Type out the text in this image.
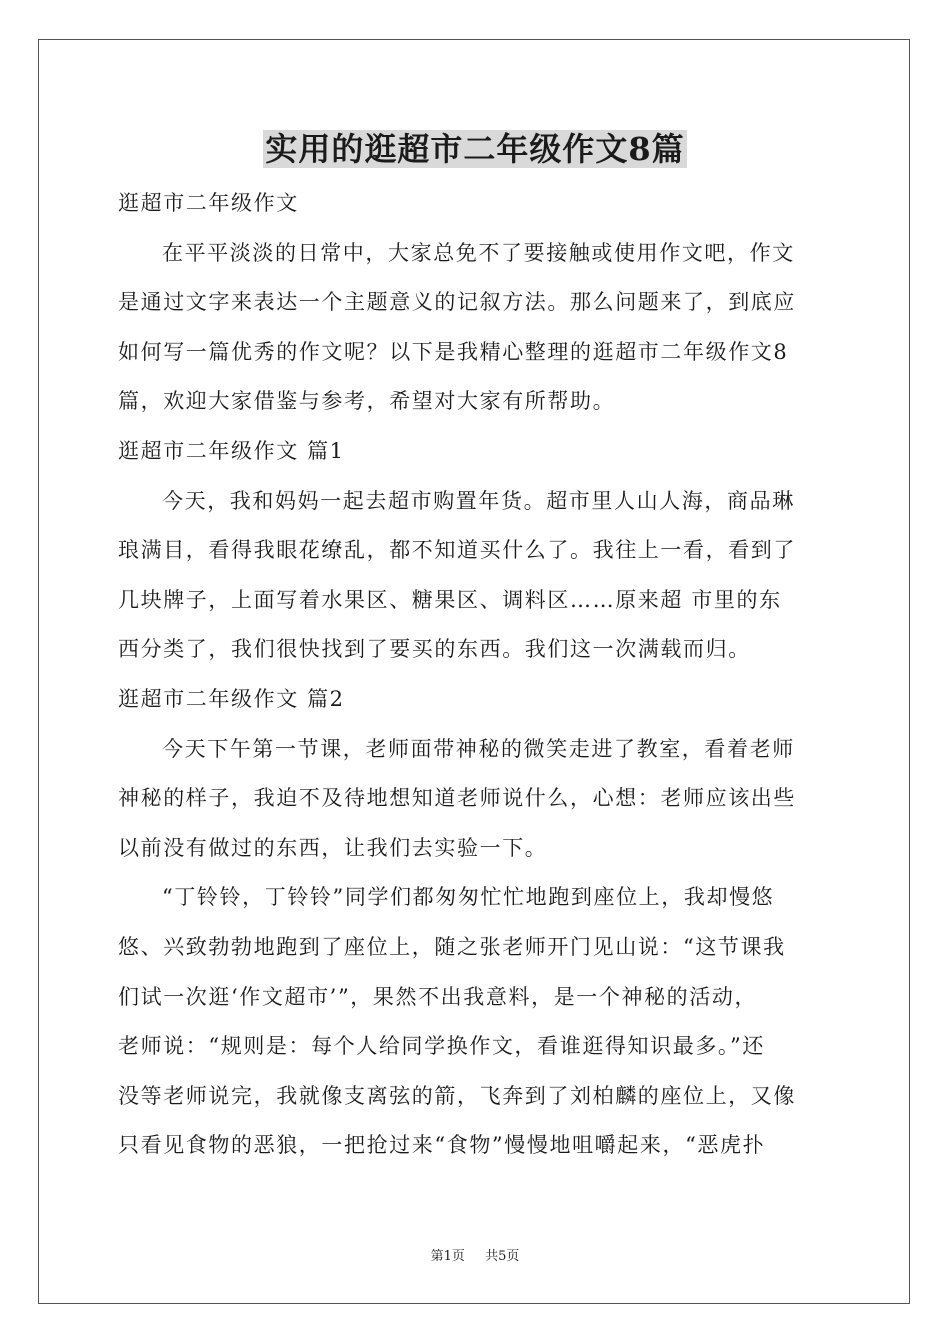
实用的逛超市二年级作文8篇
逛超市二年级作文
在平平淡淡的日常中，大家总免不了要接触或使用作文吧，作文
是通过文字来表达一个主题意义的记叙方法。那么问题来了，到底应
如何写一篇优秀的作文呢？以下是我精心整理的逛超市二年级作文8
篇，欢迎大家借鉴与参考，希望对大家有所帮助。
逛超市二年级作文 篇1
今天，我和妈妈一起去超市购置年货。超市里人山人海，商品琳
琅满目，看得我眼花缭乱，都不知道买什么了。我往上一看，看到了
几块牌子，上面写着水果区、糖果区、调料区……原来超 市里的东
西分类了，我们很快找到了要买的东西。我们这一次满载而归。
逛超市二年级作文 篇2
今天下午第一节课，老师面带神秘的微笑走进了教室，看着老师
神秘的样子，我迫不及待地想知道老师说什么，心想：老师应该出些
以前没有做过的东西，让我们去实验一下。
“丁铃铃，丁铃铃”同学们都匆匆忙忙地跑到座位上，我却慢悠
悠、兴致勃勃地跑到了座位上，随之张老师开门见山说：“这节课我
们试一次逛‘作文超市’”，果然不出我意料，是一个神秘的活动，
老师说：“规则是：每个人给同学换作文，看谁逛得知识最多。”还
没等老师说完，我就像支离弦的箭，飞奔到了刘柏麟的座位上，又像
只看见食物的恶狼，一把抢过来“食物”慢慢地咀嚼起来，“恶虎扑
第1页 共5页
